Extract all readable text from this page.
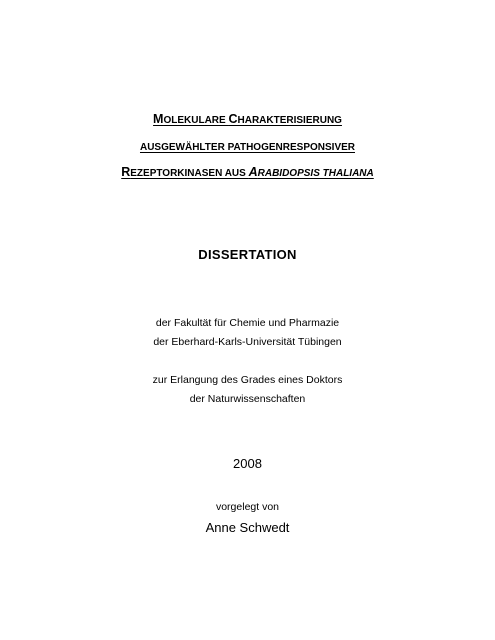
MOLEKULARE CHARAKTERISIERUNG
AUSGEWÄHLTER PATHOGENRESPONSIVER
REZEPTORKINASEN AUS ARABIDOPSIS THALIANA
DISSERTATION
der Fakultät für Chemie und Pharmazie
der Eberhard-Karls-Universität Tübingen
zur Erlangung des Grades eines Doktors
der Naturwissenschaften
2008
vorgelegt von
Anne Schwedt
